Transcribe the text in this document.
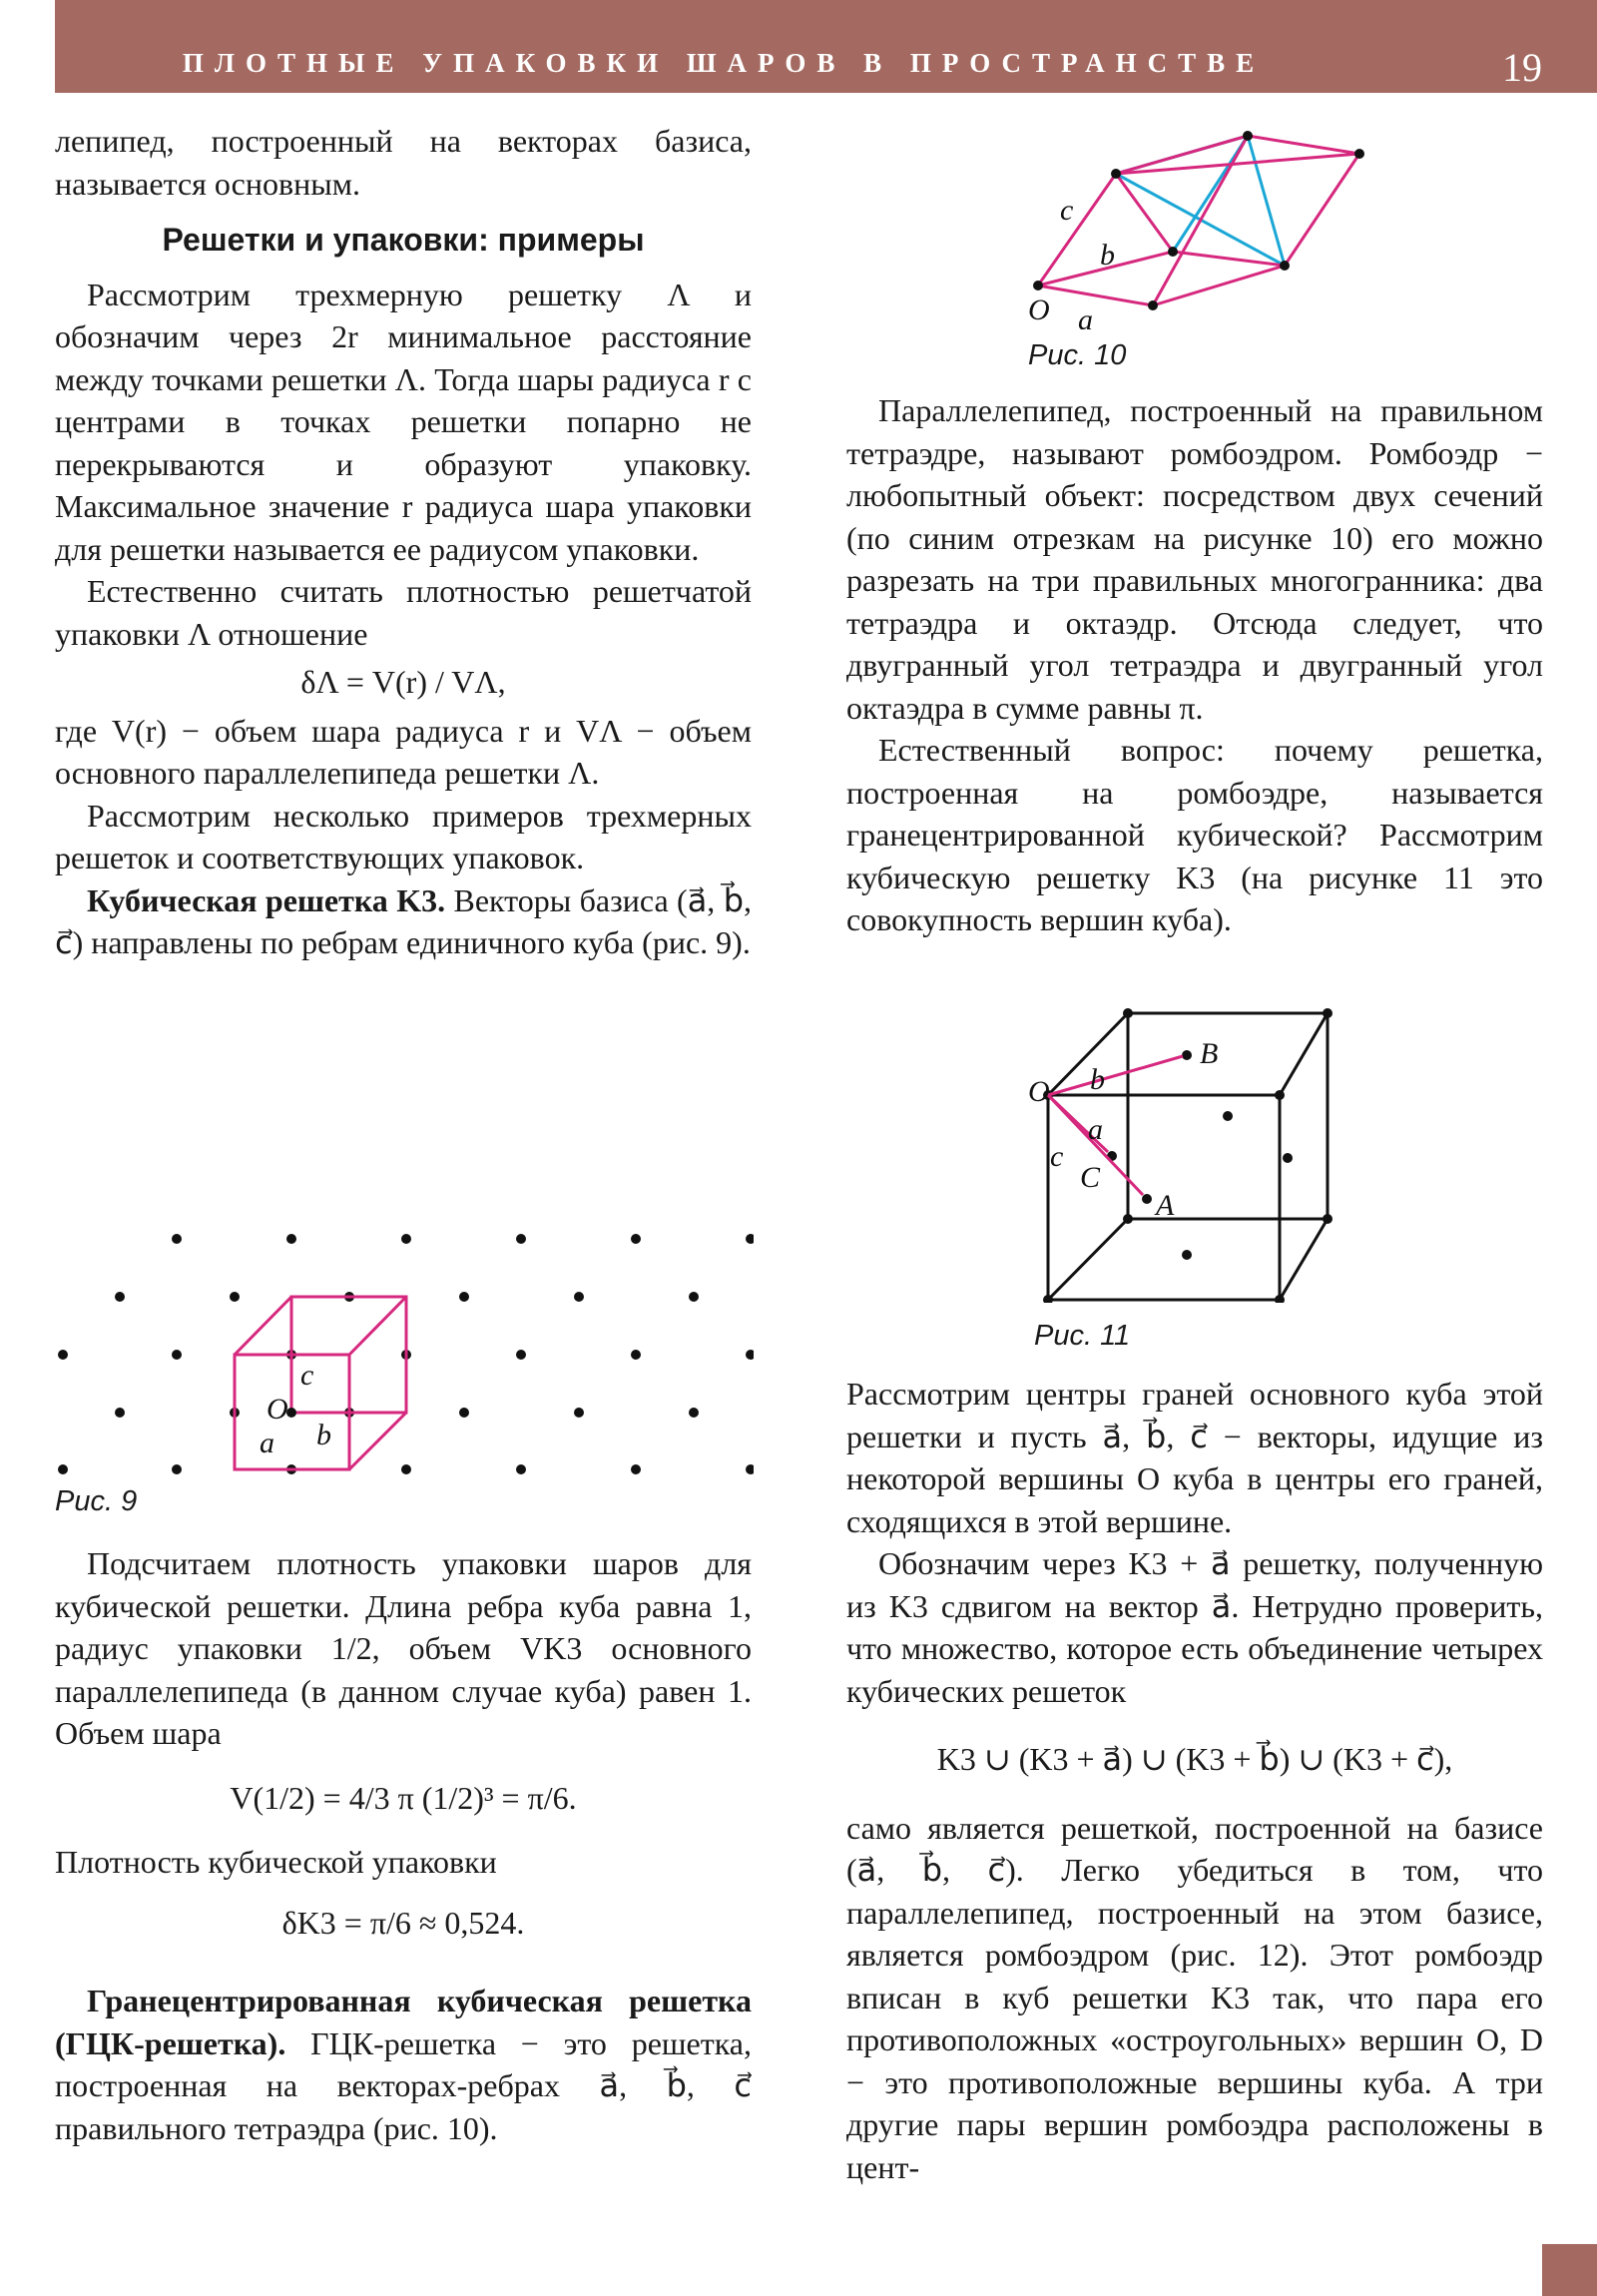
ПЛОТНЫЕ УПАКОВКИ ШАРОВ В ПРОСТРАНСТВЕ	19

лепипед, построенный на векторах базиса, называется основным.

Решетки и упаковки: примеры

Рассмотрим трехмерную решетку Λ и обозначим через 2r минимальное расстояние между точками решетки Λ. Тогда шары радиуса r с центрами в точках решетки попарно не перекрываются и образуют упаковку. Максимальное значение r радиуса шара упаковки для решетки называется ее радиусом упаковки.

Естественно считать плотностью решетчатой упаковки Λ отношение

δΛ = V(r) / VΛ,

где V(r) − объем шара радиуса r и VΛ − объем основного параллелепипеда решетки Λ.

Рассмотрим несколько примеров трехмерных решеток и соответствующих упаковок.

Кубическая решетка K3. Векторы базиса (a⃗, b⃗, c⃗) направлены по ребрам единичного куба (рис. 9).

O
c⃗
a⃗ b⃗
Рис. 9

Подсчитаем плотность упаковки шаров для кубической решетки. Длина ребра куба равна 1, радиус упаковки 1/2, объем VK3 основного параллелепипеда (в данном случае куба) равен 1. Объем шара

V(1/2) = 4/3 π (1/2)³ = π/6.

Плотность кубической упаковки

δK3 = π/6 ≈ 0,524.

Гранецентрированная кубическая решетка (ГЦК-решетка). ГЦК-решетка − это решетка, построенная на векторах-ребрах a⃗, b⃗, c⃗ правильного тетраэдра (рис. 10).

O a⃗
b⃗
c⃗
Рис. 10

Параллелепипед, построенный на правильном тетраэдре, называют ромбоэдром. Ромбоэдр − любопытный объект: посредством двух сечений (по синим отрезкам на рисунке 10) его можно разрезать на три правильных многогранника: два тетраэдра и октаэдр. Отсюда следует, что двугранный угол тетраэдра и двугранный угол октаэдра в сумме равны π.

Естественный вопрос: почему решетка, построенная на ромбоэдре, называется гранецентрированной кубической? Рассмотрим кубическую решетку K3 (на рисунке 11 это совокупность вершин куба).

O
B
b⃗
a⃗
c⃗
C
A
Рис. 11

Рассмотрим центры граней основного куба этой решетки и пусть a⃗, b⃗, c⃗ − векторы, идущие из некоторой вершины O куба в центры его граней, сходящихся в этой вершине.

Обозначим через K3 + a⃗ решетку, полученную из K3 сдвигом на вектор a⃗. Нетрудно проверить, что множество, которое есть объединение четырех кубических решеток

K3 ∪ (K3 + a⃗) ∪ (K3 + b⃗) ∪ (K3 + c⃗),

само является решеткой, построенной на базисе (a⃗, b⃗, c⃗). Легко убедиться в том, что параллелепипед, построенный на этом базисе, является ромбоэдром (рис. 12). Этот ромбоэдр вписан в куб решетки K3 так, что пара его противоположных «остроугольных» вершин O, D − это противоположные вершины куба. А три другие пары вершин ромбоэдра расположены в цент-
